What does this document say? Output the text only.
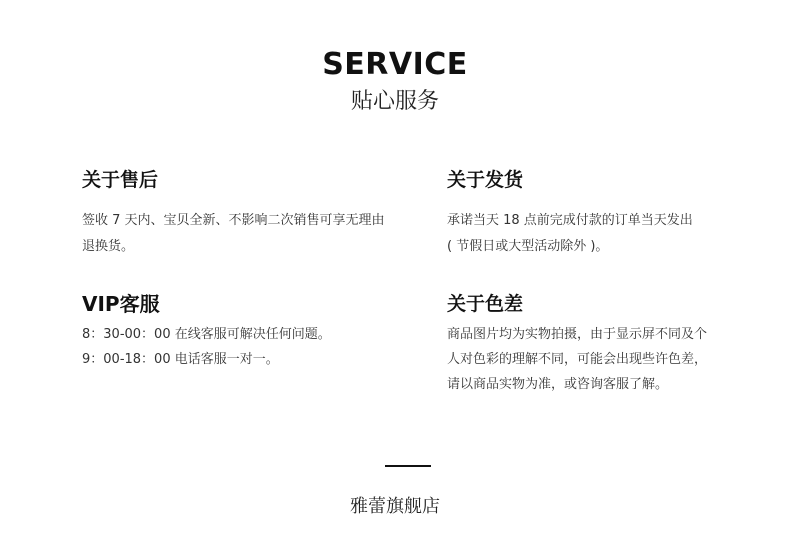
SERVICE
贴心服务
关于售后

签收 7 天内、宝贝全新、不影响二次销售可享无理由
退换货。

关于发货

承诺当天 18 点前完成付款的订单当天发出
( 节假日或大型活动除外 )。

VIP客服

8：30-00：00 在线客服可解决任何问题。
9：00-18：00 电话客服一对一。

关于色差

商品图片均为实物拍摄，由于显示屏不同及个
人对色彩的理解不同，可能会出现些许色差，
请以商品实物为准，或咨询客服了解。

雅蕾旗舰店
